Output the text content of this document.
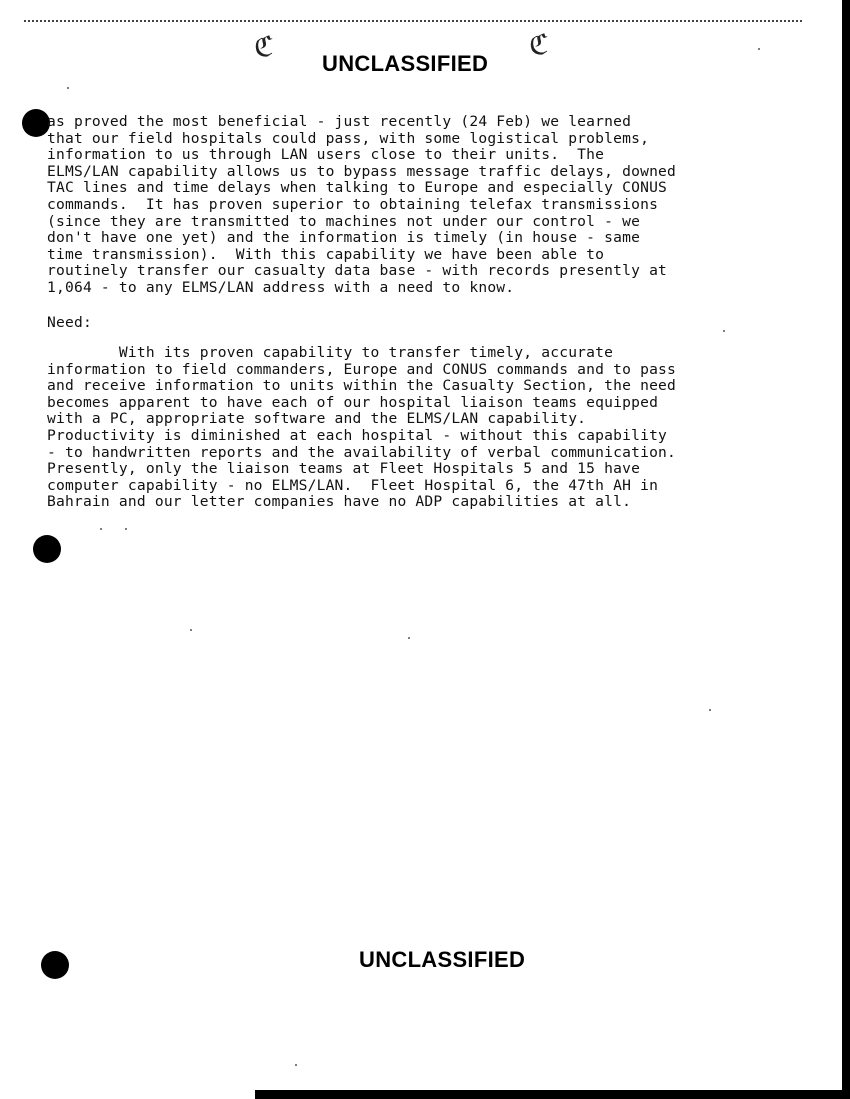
ℭ
UNCLASSIFIED
ℭ
as proved the most beneficial - just recently (24 Feb) we learned
that our field hospitals could pass, with some logistical problems,
information to us through LAN users close to their units.  The
ELMS/LAN capability allows us to bypass message traffic delays, downed
TAC lines and time delays when talking to Europe and especially CONUS
commands.  It has proven superior to obtaining telefax transmissions
(since they are transmitted to machines not under our control - we
don't have one yet) and the information is timely (in house - same
time transmission).  With this capability we have been able to
routinely transfer our casualty data base - with records presently at
1,064 - to any ELMS/LAN address with a need to know.
Need:
With its proven capability to transfer timely, accurate
information to field commanders, Europe and CONUS commands and to pass
and receive information to units within the Casualty Section, the need
becomes apparent to have each of our hospital liaison teams equipped
with a PC, appropriate software and the ELMS/LAN capability.
Productivity is diminished at each hospital - without this capability
- to handwritten reports and the availability of verbal communication.
Presently, only the liaison teams at Fleet Hospitals 5 and 15 have
computer capability - no ELMS/LAN.  Fleet Hospital 6, the 47th AH in
Bahrain and our letter companies have no ADP capabilities at all.
UNCLASSIFIED
